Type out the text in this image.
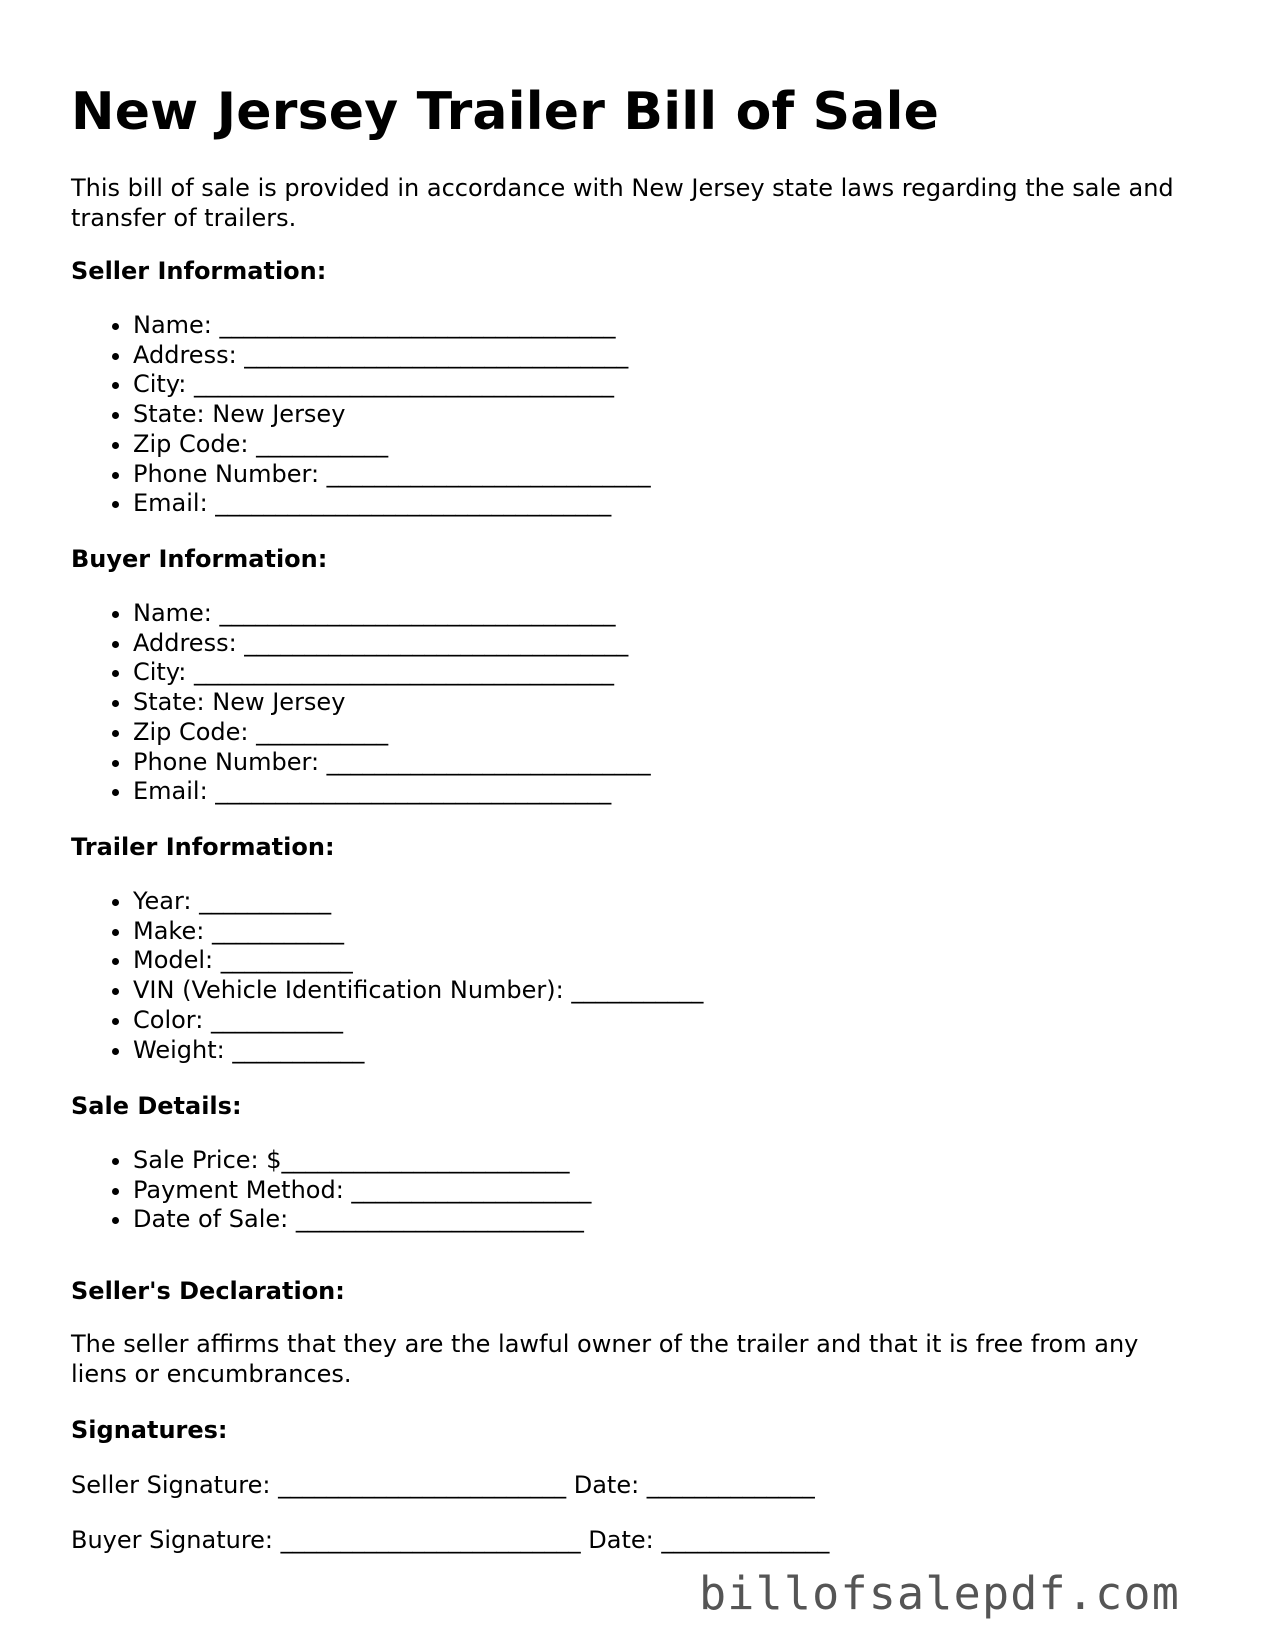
New Jersey Trailer Bill of Sale

This bill of sale is provided in accordance with New Jersey state laws regarding the sale and transfer of trailers.

Seller Information:

• Name: _________________________________
• Address: ________________________________
• City: ___________________________________
• State: New Jersey
• Zip Code: ___________
• Phone Number: ___________________________
• Email: _________________________________

Buyer Information:

• Name: _________________________________
• Address: ________________________________
• City: ___________________________________
• State: New Jersey
• Zip Code: ___________
• Phone Number: ___________________________
• Email: _________________________________

Trailer Information:

• Year: ___________
• Make: ___________
• Model: ___________
• VIN (Vehicle Identification Number): ___________
• Color: ___________
• Weight: ___________

Sale Details:

• Sale Price: $________________________
• Payment Method: ____________________
• Date of Sale: ________________________

Seller's Declaration:

The seller affirms that they are the lawful owner of the trailer and that it is free from any liens or encumbrances.

Signatures:

Seller Signature: ________________________ Date: ______________

Buyer Signature: _________________________ Date: ______________

billofsalepdf.com
